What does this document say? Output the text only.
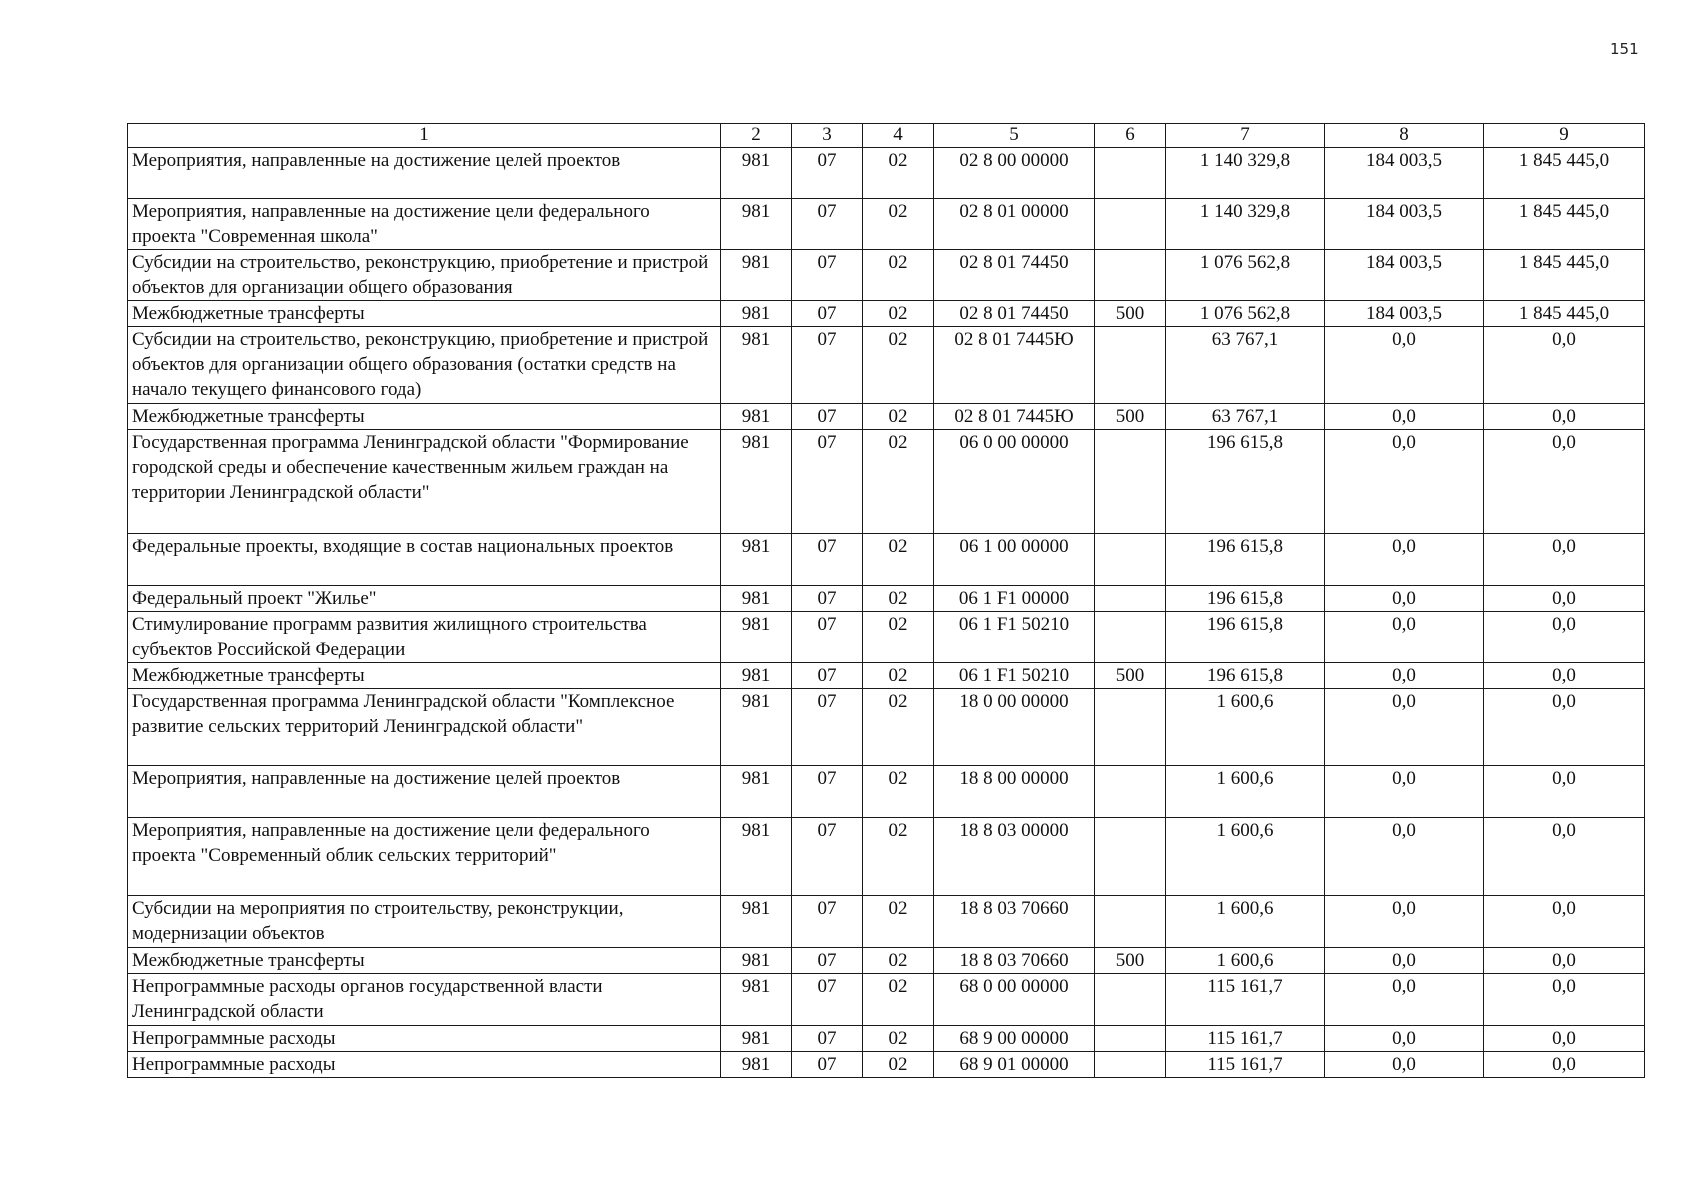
151
1	2	3	4	5	6	7	8	9
Мероприятия, направленные на достижение целей проектов	981	07	02	02 8 00 00000		1 140 329,8	184 003,5	1 845 445,0
Мероприятия, направленные на достижение цели федерального проекта "Современная школа"	981	07	02	02 8 01 00000		1 140 329,8	184 003,5	1 845 445,0
Субсидии на строительство, реконструкцию, приобретение и пристрой объектов для организации общего образования	981	07	02	02 8 01 74450		1 076 562,8	184 003,5	1 845 445,0
Межбюджетные трансферты	981	07	02	02 8 01 74450	500	1 076 562,8	184 003,5	1 845 445,0
Субсидии на строительство, реконструкцию, приобретение и пристрой объектов для организации общего образования (остатки средств на начало текущего финансового года)	981	07	02	02 8 01 7445Ю		63 767,1	0,0	0,0
Межбюджетные трансферты	981	07	02	02 8 01 7445Ю	500	63 767,1	0,0	0,0
Государственная программа Ленинградской области "Формирование городской среды и обеспечение качественным жильем граждан на территории Ленинградской области"	981	07	02	06 0 00 00000		196 615,8	0,0	0,0
Федеральные проекты, входящие в состав национальных проектов	981	07	02	06 1 00 00000		196 615,8	0,0	0,0
Федеральный проект "Жилье"	981	07	02	06 1 F1 00000		196 615,8	0,0	0,0
Стимулирование программ развития жилищного строительства субъектов Российской Федерации	981	07	02	06 1 F1 50210		196 615,8	0,0	0,0
Межбюджетные трансферты	981	07	02	06 1 F1 50210	500	196 615,8	0,0	0,0
Государственная программа Ленинградской области "Комплексное развитие сельских территорий Ленинградской области"	981	07	02	18 0 00 00000		1 600,6	0,0	0,0
Мероприятия, направленные на достижение целей проектов	981	07	02	18 8 00 00000		1 600,6	0,0	0,0
Мероприятия, направленные на достижение цели федерального проекта "Современный облик сельских территорий"	981	07	02	18 8 03 00000		1 600,6	0,0	0,0
Субсидии на мероприятия по строительству, реконструкции, модернизации объектов	981	07	02	18 8 03 70660		1 600,6	0,0	0,0
Межбюджетные трансферты	981	07	02	18 8 03 70660	500	1 600,6	0,0	0,0
Непрограммные расходы органов государственной власти Ленинградской области	981	07	02	68 0 00 00000		115 161,7	0,0	0,0
Непрограммные расходы	981	07	02	68 9 00 00000		115 161,7	0,0	0,0
Непрограммные расходы	981	07	02	68 9 01 00000		115 161,7	0,0	0,0
